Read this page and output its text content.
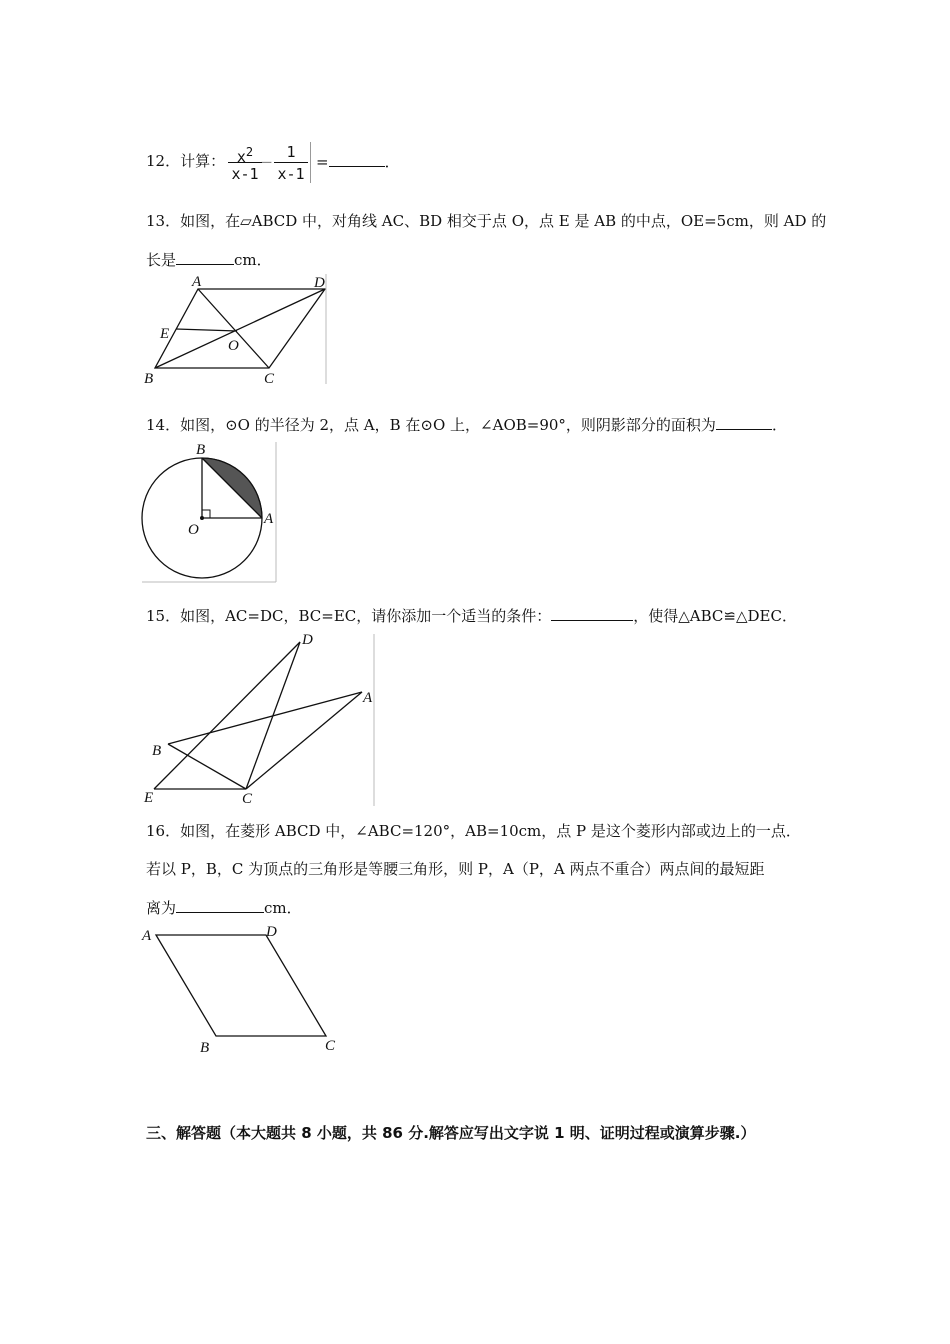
12．计算： $\frac{x^2}{x-1}$
－ $\frac{1}{x-1}$ =	．
13．如图，在▱ABCD 中，对角线 AC、BD 相交于点 O，点 E 是 AB 的中点，OE=5cm，则 AD 的
长是	cm．
A	D
E
O
B	C
14．如图，⊙O 的半径为 2，点 A，B 在⊙O 上，∠AOB=90°，则阴影部分的面积为	．
B
A
O
15．如图，AC=DC，BC=EC，请你添加一个适当的条件：	，使得△ABC≌△DEC．
D
A
B
E	C
16．如图，在菱形 ABCD 中，∠ABC=120°，AB=10cm，点 P 是这个菱形内部或边上的一点．
若以 P，B，C 为顶点的三角形是等腰三角形，则 P，A（P，A 两点不重合）两点间的最短距
离为	cm．
A	D
B	C
三、解答题（本大题共 8 小题，共 86 分.解答应写出文字说 1 明、证明过程或演算步骤.）
